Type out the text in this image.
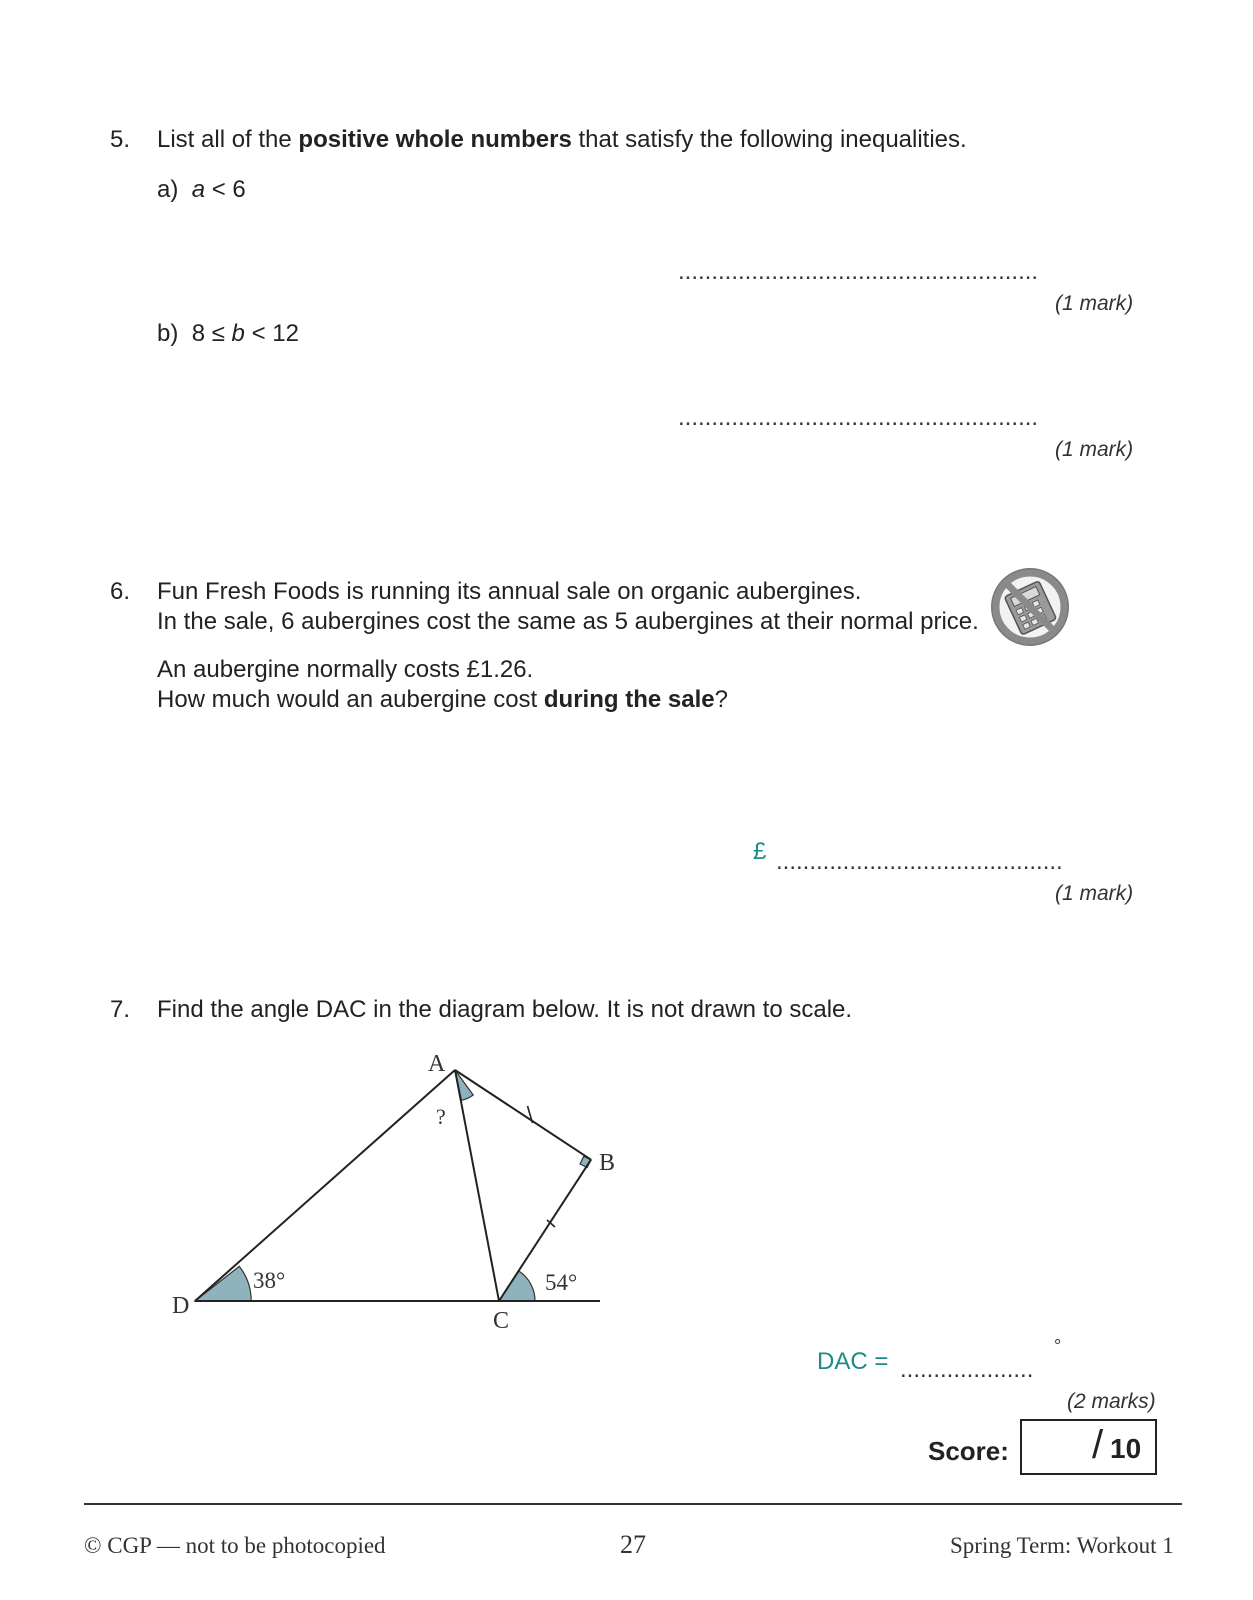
5. List all of the positive whole numbers that satisfy the following inequalities.
a) a < 6
......................................................
(1 mark)
b) 8 ≤ b < 12
......................................................
(1 mark)
6. Fun Fresh Foods is running its annual sale on organic aubergines.
In the sale, 6 aubergines cost the same as 5 aubergines at their normal price.
An aubergine normally costs £1.26.
How much would an aubergine cost during the sale?
£ ...........................................
(1 mark)
7. Find the angle DAC in the diagram below. It is not drawn to scale.
A
B
C
D
?
38°	54°
DAC = ....................
°
(2 marks)
Score: / 10
© CGP — not to be photocopied	27	Spring Term: Workout 1
